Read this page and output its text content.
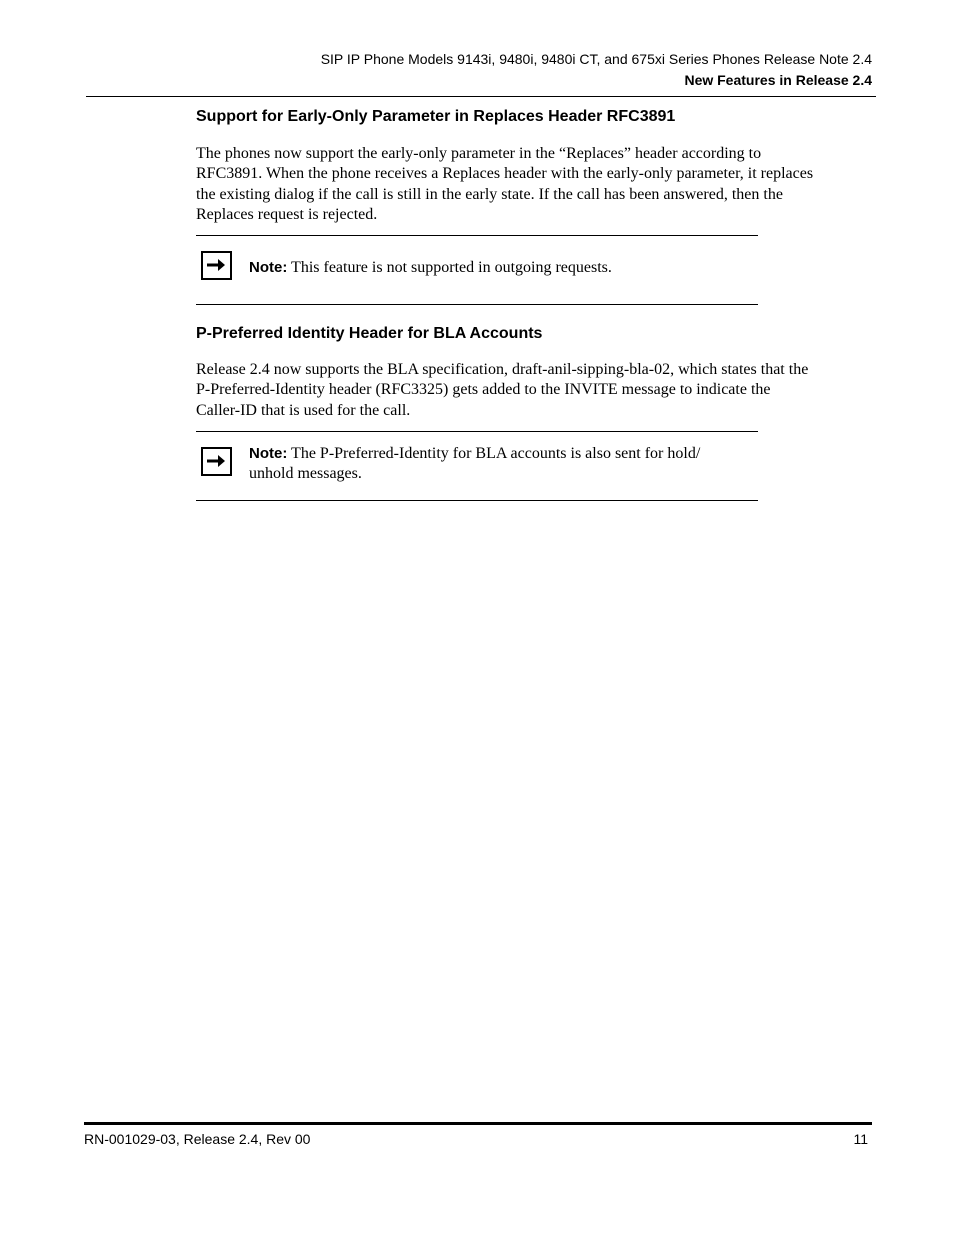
SIP IP Phone Models 9143i, 9480i, 9480i CT, and 675xi Series Phones Release Note 2.4
New Features in Release 2.4
Support for Early-Only Parameter in Replaces Header RFC3891

The phones now support the early-only parameter in the “Replaces” header according to
RFC3891. When the phone receives a Replaces header with the early-only parameter, it replaces
the existing dialog if the call is still in the early state. If the call has been answered, then the
Replaces request is rejected.

Note: This feature is not supported in outgoing requests.

P-Preferred Identity Header for BLA Accounts

Release 2.4 now supports the BLA specification, draft-anil-sipping-bla-02, which states that the
P-Preferred-Identity header (RFC3325) gets added to the INVITE message to indicate the
Caller-ID that is used for the call.

Note: The P-Preferred-Identity for BLA accounts is also sent for hold/
unhold messages.

RN-001029-03, Release 2.4, Rev 00	11
